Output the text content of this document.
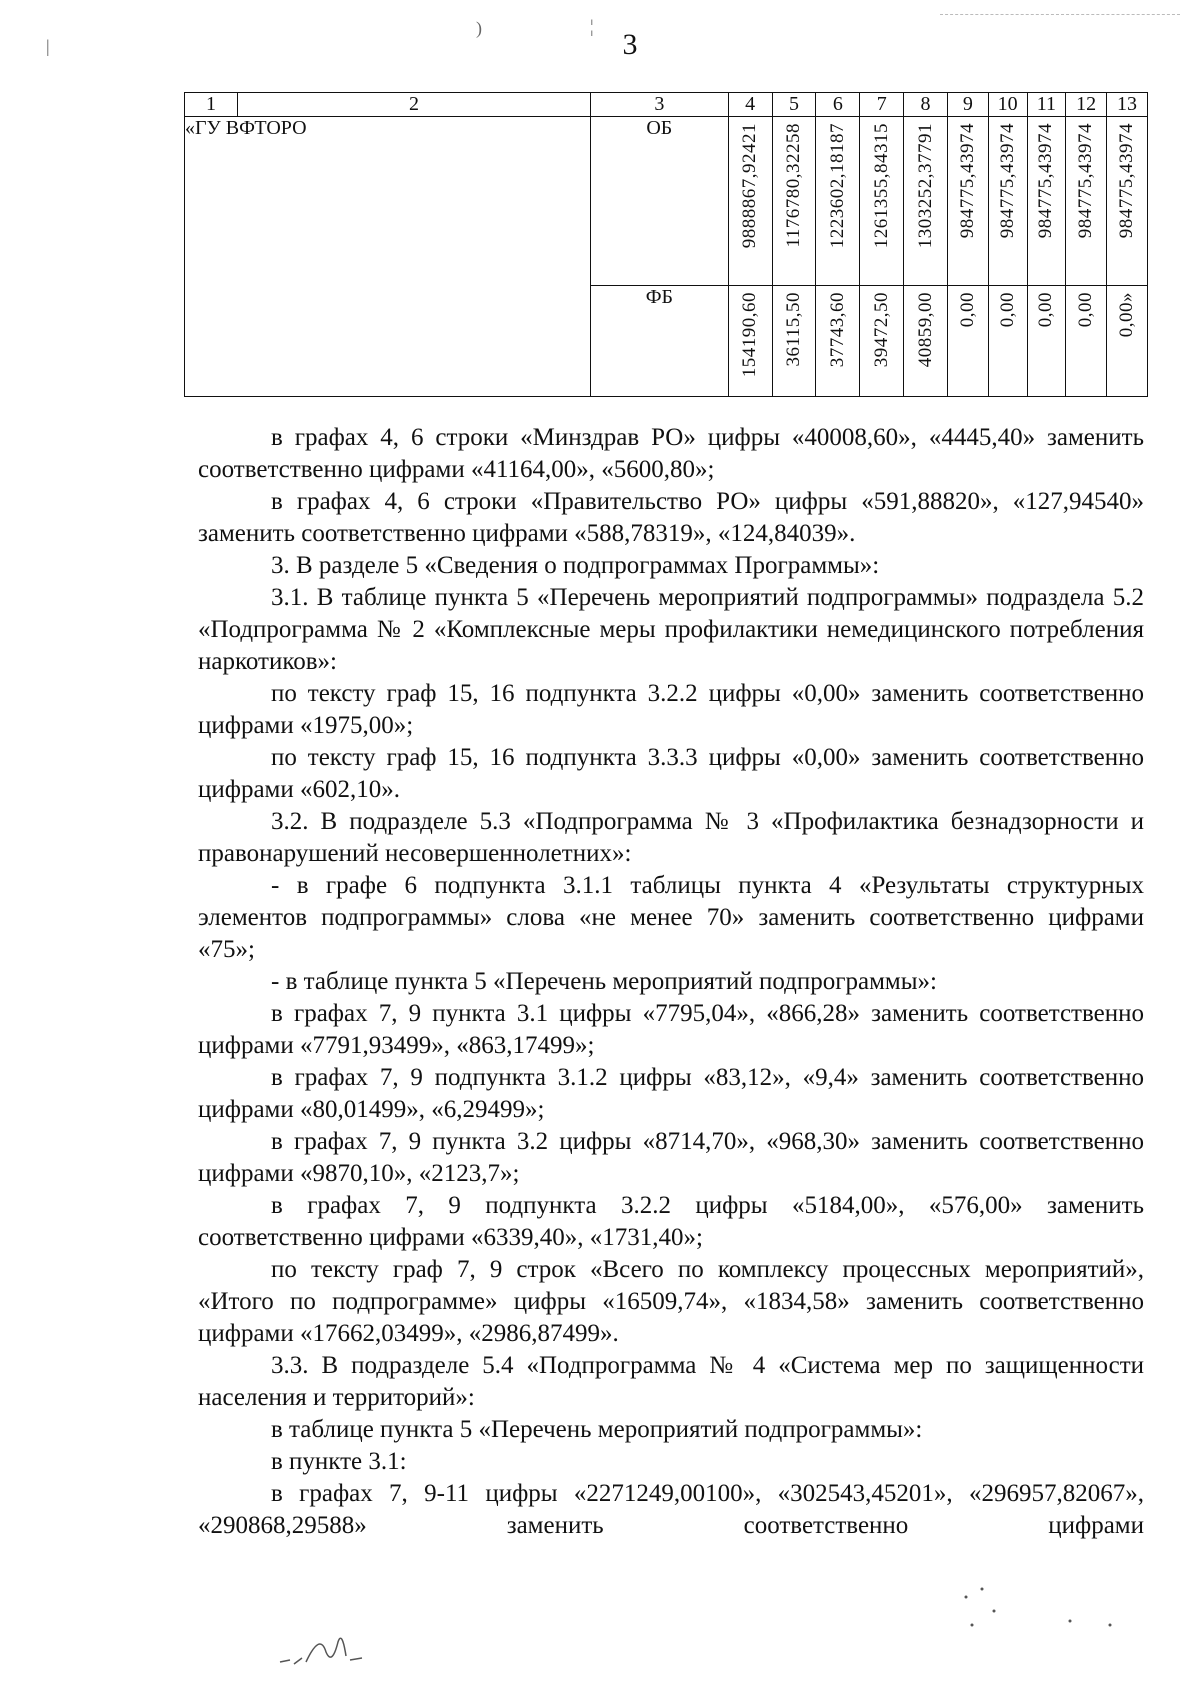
|
)	¦
3
1	2	3	4	5	6	7	8	9	10	11	12	13
«ГУ ВФТОРО		ОБ	9888867,92421	1176780,32258	1223602,18187	1261355,84315	1303252,37791	984775,43974	984775,43974	984775,43974	984775,43974	984775,43974

		ФБ	154190,60	36115,50	37743,60	39472,50	40859,00	0,00	0,00	0,00	0,00	0,00»

в графах 4, 6 строки «Минздрав РО» цифры «40008,60», «4445,40» заменить соответственно цифрами «41164,00», «5600,80»;

в графах 4, 6 строки «Правительство РО» цифры «591,88820», «127,94540» заменить соответственно цифрами «588,78319», «124,84039».

3. В разделе 5 «Сведения о подпрограммах Программы»:

3.1. В таблице пункта 5 «Перечень мероприятий подпрограммы» подраздела 5.2 «Подпрограмма № 2 «Комплексные меры профилактики немедицинского потребления наркотиков»:

по тексту граф 15, 16 подпункта 3.2.2 цифры «0,00» заменить соответственно цифрами «1975,00»;

по тексту граф 15, 16 подпункта 3.3.3 цифры «0,00» заменить соответственно цифрами «602,10».

3.2. В подразделе 5.3 «Подпрограмма № 3 «Профилактика безнадзорности и правонарушений несовершеннолетних»:

- в графе 6 подпункта 3.1.1 таблицы пункта 4 «Результаты структурных элементов подпрограммы» слова «не менее 70» заменить соответственно цифрами «75»;

- в таблице пункта 5 «Перечень мероприятий подпрограммы»:

в графах 7, 9 пункта 3.1 цифры «7795,04», «866,28» заменить соответственно цифрами «7791,93499», «863,17499»;

в графах 7, 9 подпункта 3.1.2 цифры «83,12», «9,4» заменить соответственно цифрами «80,01499», «6,29499»;

в графах 7, 9 пункта 3.2 цифры «8714,70», «968,30» заменить соответственно цифрами «9870,10», «2123,7»;

в графах 7, 9 подпункта 3.2.2 цифры «5184,00», «576,00» заменить соответственно цифрами «6339,40», «1731,40»;

по тексту граф 7, 9 строк «Всего по комплексу процессных мероприятий», «Итого по подпрограмме» цифры «16509,74», «1834,58» заменить соответственно цифрами «17662,03499», «2986,87499».

3.3. В подразделе 5.4 «Подпрограмма № 4 «Система мер по защищенности населения и территорий»:

в таблице пункта 5 «Перечень мероприятий подпрограммы»:

в пункте 3.1:

в графах 7, 9-11 цифры «2271249,00100», «302543,45201», «296957,82067», «290868,29588» заменить соответственно цифрами
